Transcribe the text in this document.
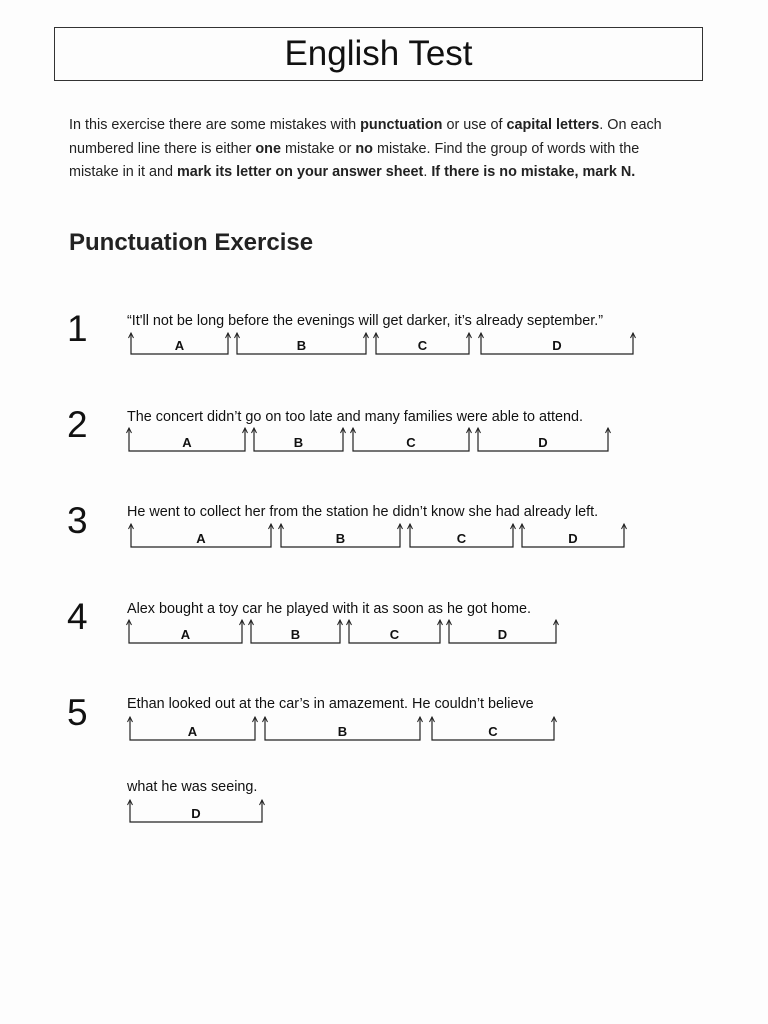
English Test
In this exercise there are some mistakes with punctuation or use of capital letters. On each numbered line there is either one mistake or no mistake. Find the group of words with the mistake in it and mark its letter on your answer sheet. If there is no mistake, mark N.
Punctuation Exercise
1	“It'll not be long before the evenings will get darker, it’s already september.”
2	The concert didn’t go on too late and many families were able to attend.
3	He went to collect her from the station he didn’t know she had already left.
4	Alex bought a toy car he played with it as soon as he got home.
5	Ethan looked out at the car’s in amazement. He couldn’t believe
what he was seeing.
A	B	C	D
A	B	C	D
A	B	C	D
A	B	C	D
A	B	C
D
